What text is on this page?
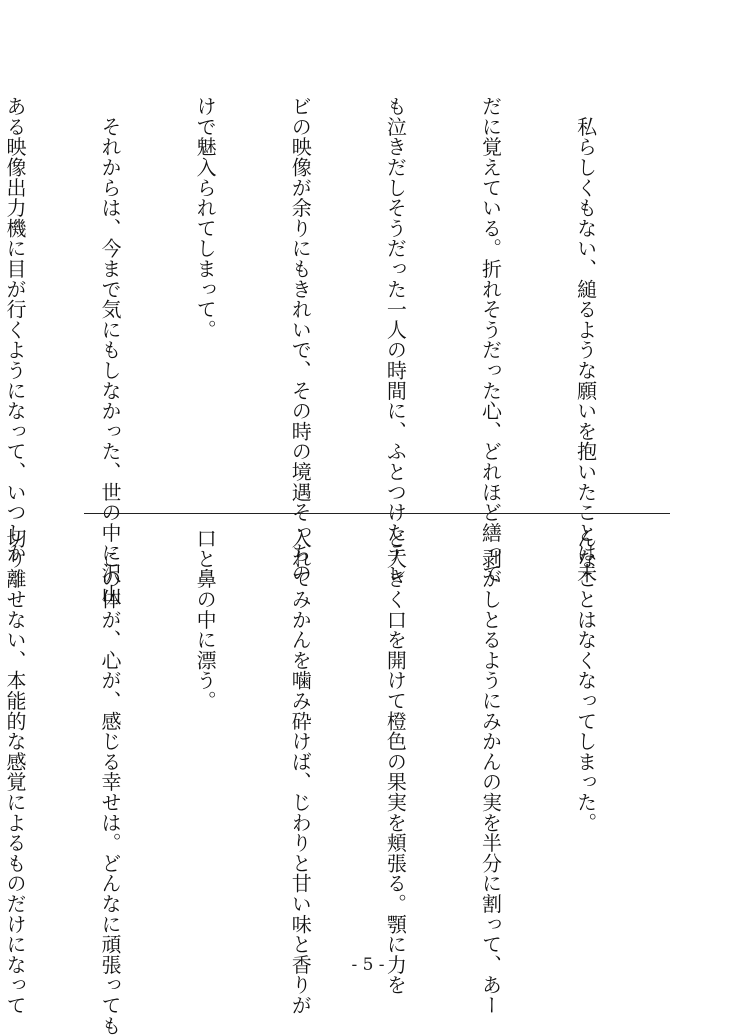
　私らしくもない、縋るような願いを抱いたことは未

だに覚えている。折れそうだった心、どれほど繕って

も泣きだしそうだった一人の時間に、ふとつけたテレ

ビの映像が余りにもきれいで、その時の境遇そっちの

けで魅入られてしまって。

　それからは、今まで気にもしなかった、世の中に沢山

ある映像出力機に目が行くようになって、いつしか

んなことはなくなってしまった。

　剥がしとるようにみかんの実を半分に割って、あー

と大きく口を開けて橙色の果実を頬張る。顎に力を

入れてみかんを噛み砕けば、じわりと甘い味と香りが

口と鼻の中に漂う。

　この体が、心が、感じる幸せは。どんなに頑張っても

切り離せない、本能的な感覚によるものだけになって

	- 5 -
